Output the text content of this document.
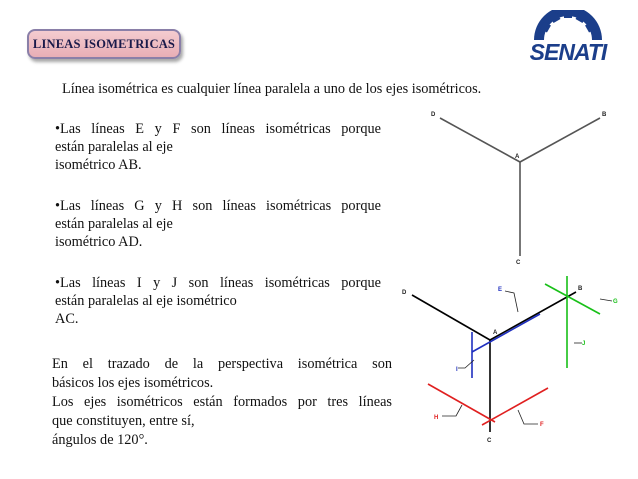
LINEAS ISOMETRICAS	SENATI
Línea isométrica es cualquier línea paralela a uno de los ejes isométricos.
•Las líneas E y F son líneas isométricas porque
están paralelas al eje
isométrico AB.
•Las líneas G y H son líneas isométricas porque
están paralelas al eje
isométrico AD.
•Las líneas I y J son líneas isométricas porque
están paralelas al eje isométrico
AC.
En el trazado de la perspectiva isométrica son
básicos los ejes isométricos.
Los ejes isométricos están formados por tres líneas
que constituyen, entre sí,
ángulos de 120°.
D	B
A
C
D
B
A
C
E
F
G
H
I
J
